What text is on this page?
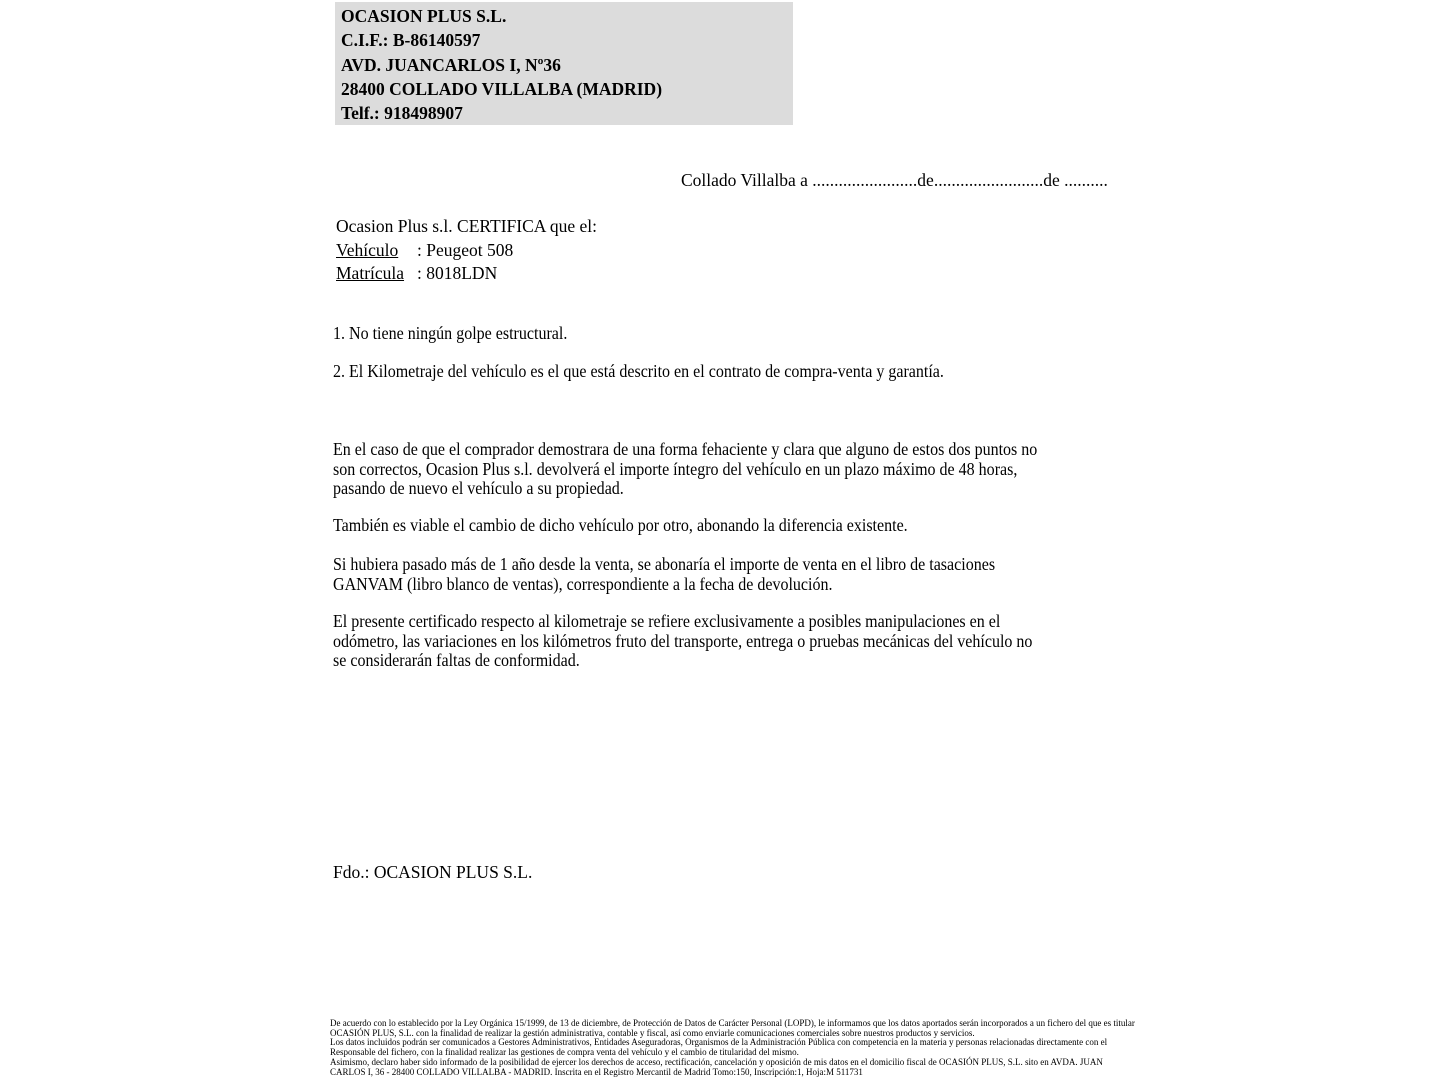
OCASION PLUS S.L.
C.I.F.: B-86140597
AVD. JUANCARLOS I, Nº36
28400 COLLADO VILLALBA (MADRID)
Telf.: 918498907
Collado Villalba a ........................de.........................de ..........
Ocasion Plus s.l. CERTIFICA que el:
Vehículo : Peugeot 508
Matrícula : 8018LDN
1. No tiene ningún golpe estructural.
2. El Kilometraje del vehículo es el que está descrito en el contrato de compra-venta y garantía.
En el caso de que el comprador demostrara de una forma fehaciente y clara que alguno de estos dos puntos no
son correctos, Ocasion Plus s.l. devolverá el importe íntegro del vehículo en un plazo máximo de 48 horas,
pasando de nuevo el vehículo a su propiedad.
También es viable el cambio de dicho vehículo por otro, abonando la diferencia existente.
Si hubiera pasado más de 1 año desde la venta, se abonaría el importe de venta en el libro de tasaciones
GANVAM (libro blanco de ventas), correspondiente a la fecha de devolución.
El presente certificado respecto al kilometraje se refiere exclusivamente a posibles manipulaciones en el
odómetro, las variaciones en los kilómetros fruto del transporte, entrega o pruebas mecánicas del vehículo no
se considerarán faltas de conformidad.
Fdo.: OCASION PLUS S.L.
De acuerdo con lo establecido por la Ley Orgánica 15/1999, de 13 de diciembre, de Protección de Datos de Carácter Personal (LOPD), le informamos que los datos aportados serán incorporados a un fichero del que es titular
OCASIÓN PLUS, S.L. con la finalidad de realizar la gestión administrativa, contable y fiscal, así como enviarle comunicaciones comerciales sobre nuestros productos y servicios.
Los datos incluidos podrán ser comunicados a Gestores Administrativos, Entidades Aseguradoras, Organismos de la Administración Pública con competencia en la materia y personas relacionadas directamente con el
Responsable del fichero, con la finalidad realizar las gestiones de compra venta del vehículo y el cambio de titularidad del mismo.
Asimismo, declaro haber sido informado de la posibilidad de ejercer los derechos de acceso, rectificación, cancelación y oposición de mis datos en el domicilio fiscal de OCASIÓN PLUS, S.L. sito en AVDA. JUAN
CARLOS I, 36 - 28400 COLLADO VILLALBA - MADRID. Inscrita en el Registro Mercantil de Madrid Tomo:150, Inscripción:1, Hoja:M 511731
